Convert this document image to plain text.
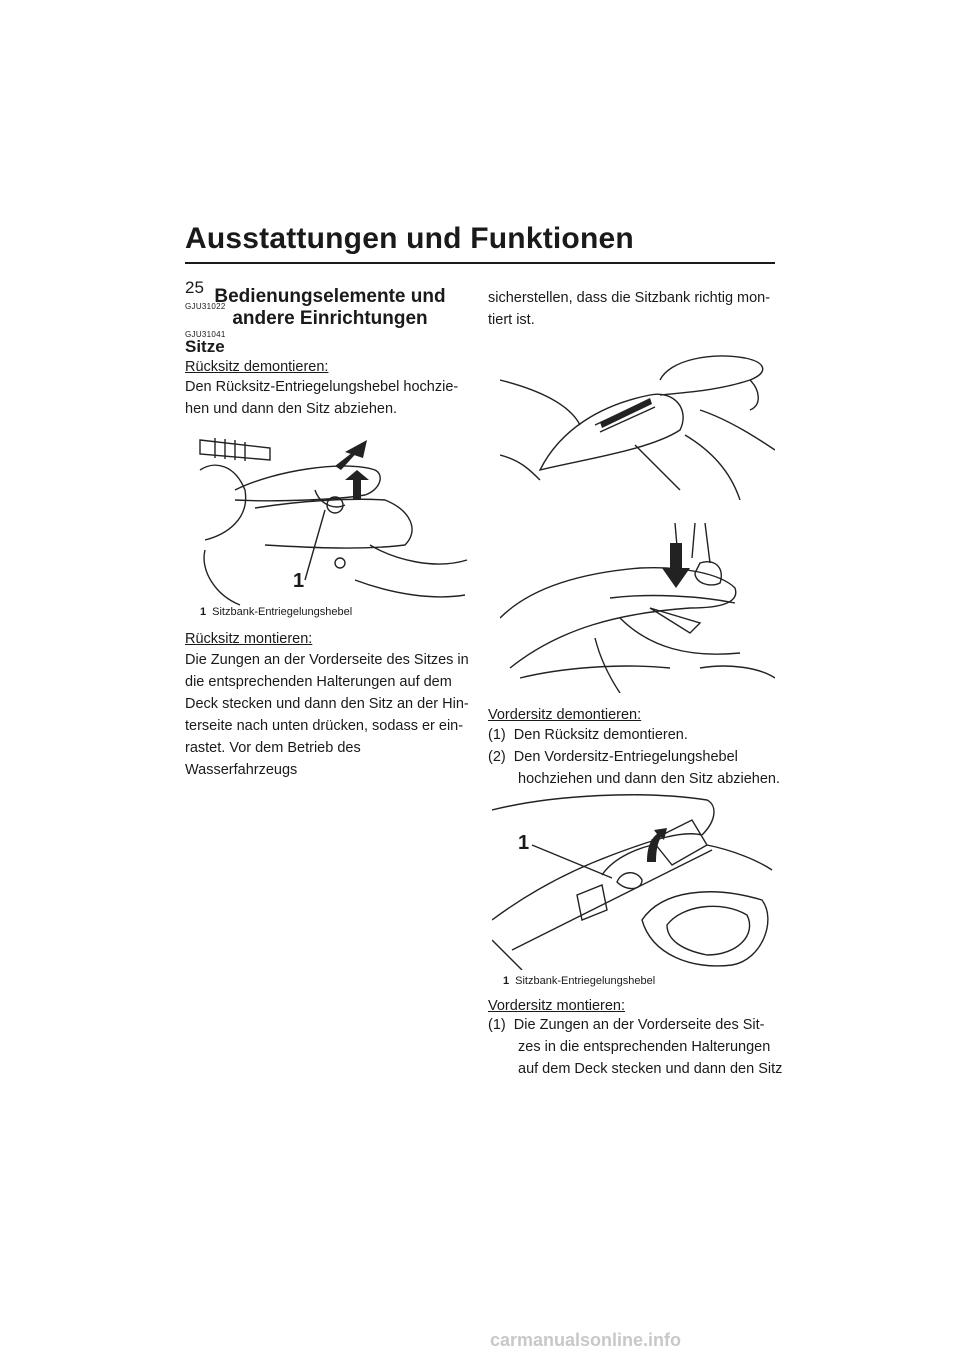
Ausstattungen und Funktionen
25
GJU31022
Bedienungselemente und
andere Einrichtungen
GJU31041
Sitze
Rücksitz demontieren:
Den Rücksitz-Entriegelungshebel hochzie-
hen und dann den Sitz abziehen.
1
1 Sitzbank-Entriegelungshebel
Rücksitz montieren:
Die Zungen an der Vorderseite des Sitzes in
die entsprechenden Halterungen auf dem
Deck stecken und dann den Sitz an der Hin-
terseite nach unten drücken, sodass er ein-
rastet. Vor dem Betrieb des Wasserfahrzeugs
sicherstellen, dass die Sitzbank richtig mon-
tiert ist.
Vordersitz demontieren:
(1) Den Rücksitz demontieren.
(2) Den Vordersitz-Entriegelungshebel
hochziehen und dann den Sitz abziehen.
1
1 Sitzbank-Entriegelungshebel
Vordersitz montieren:
(1) Die Zungen an der Vorderseite des Sit-
zes in die entsprechenden Halterungen
auf dem Deck stecken und dann den Sitz
carmanualsonline.info
